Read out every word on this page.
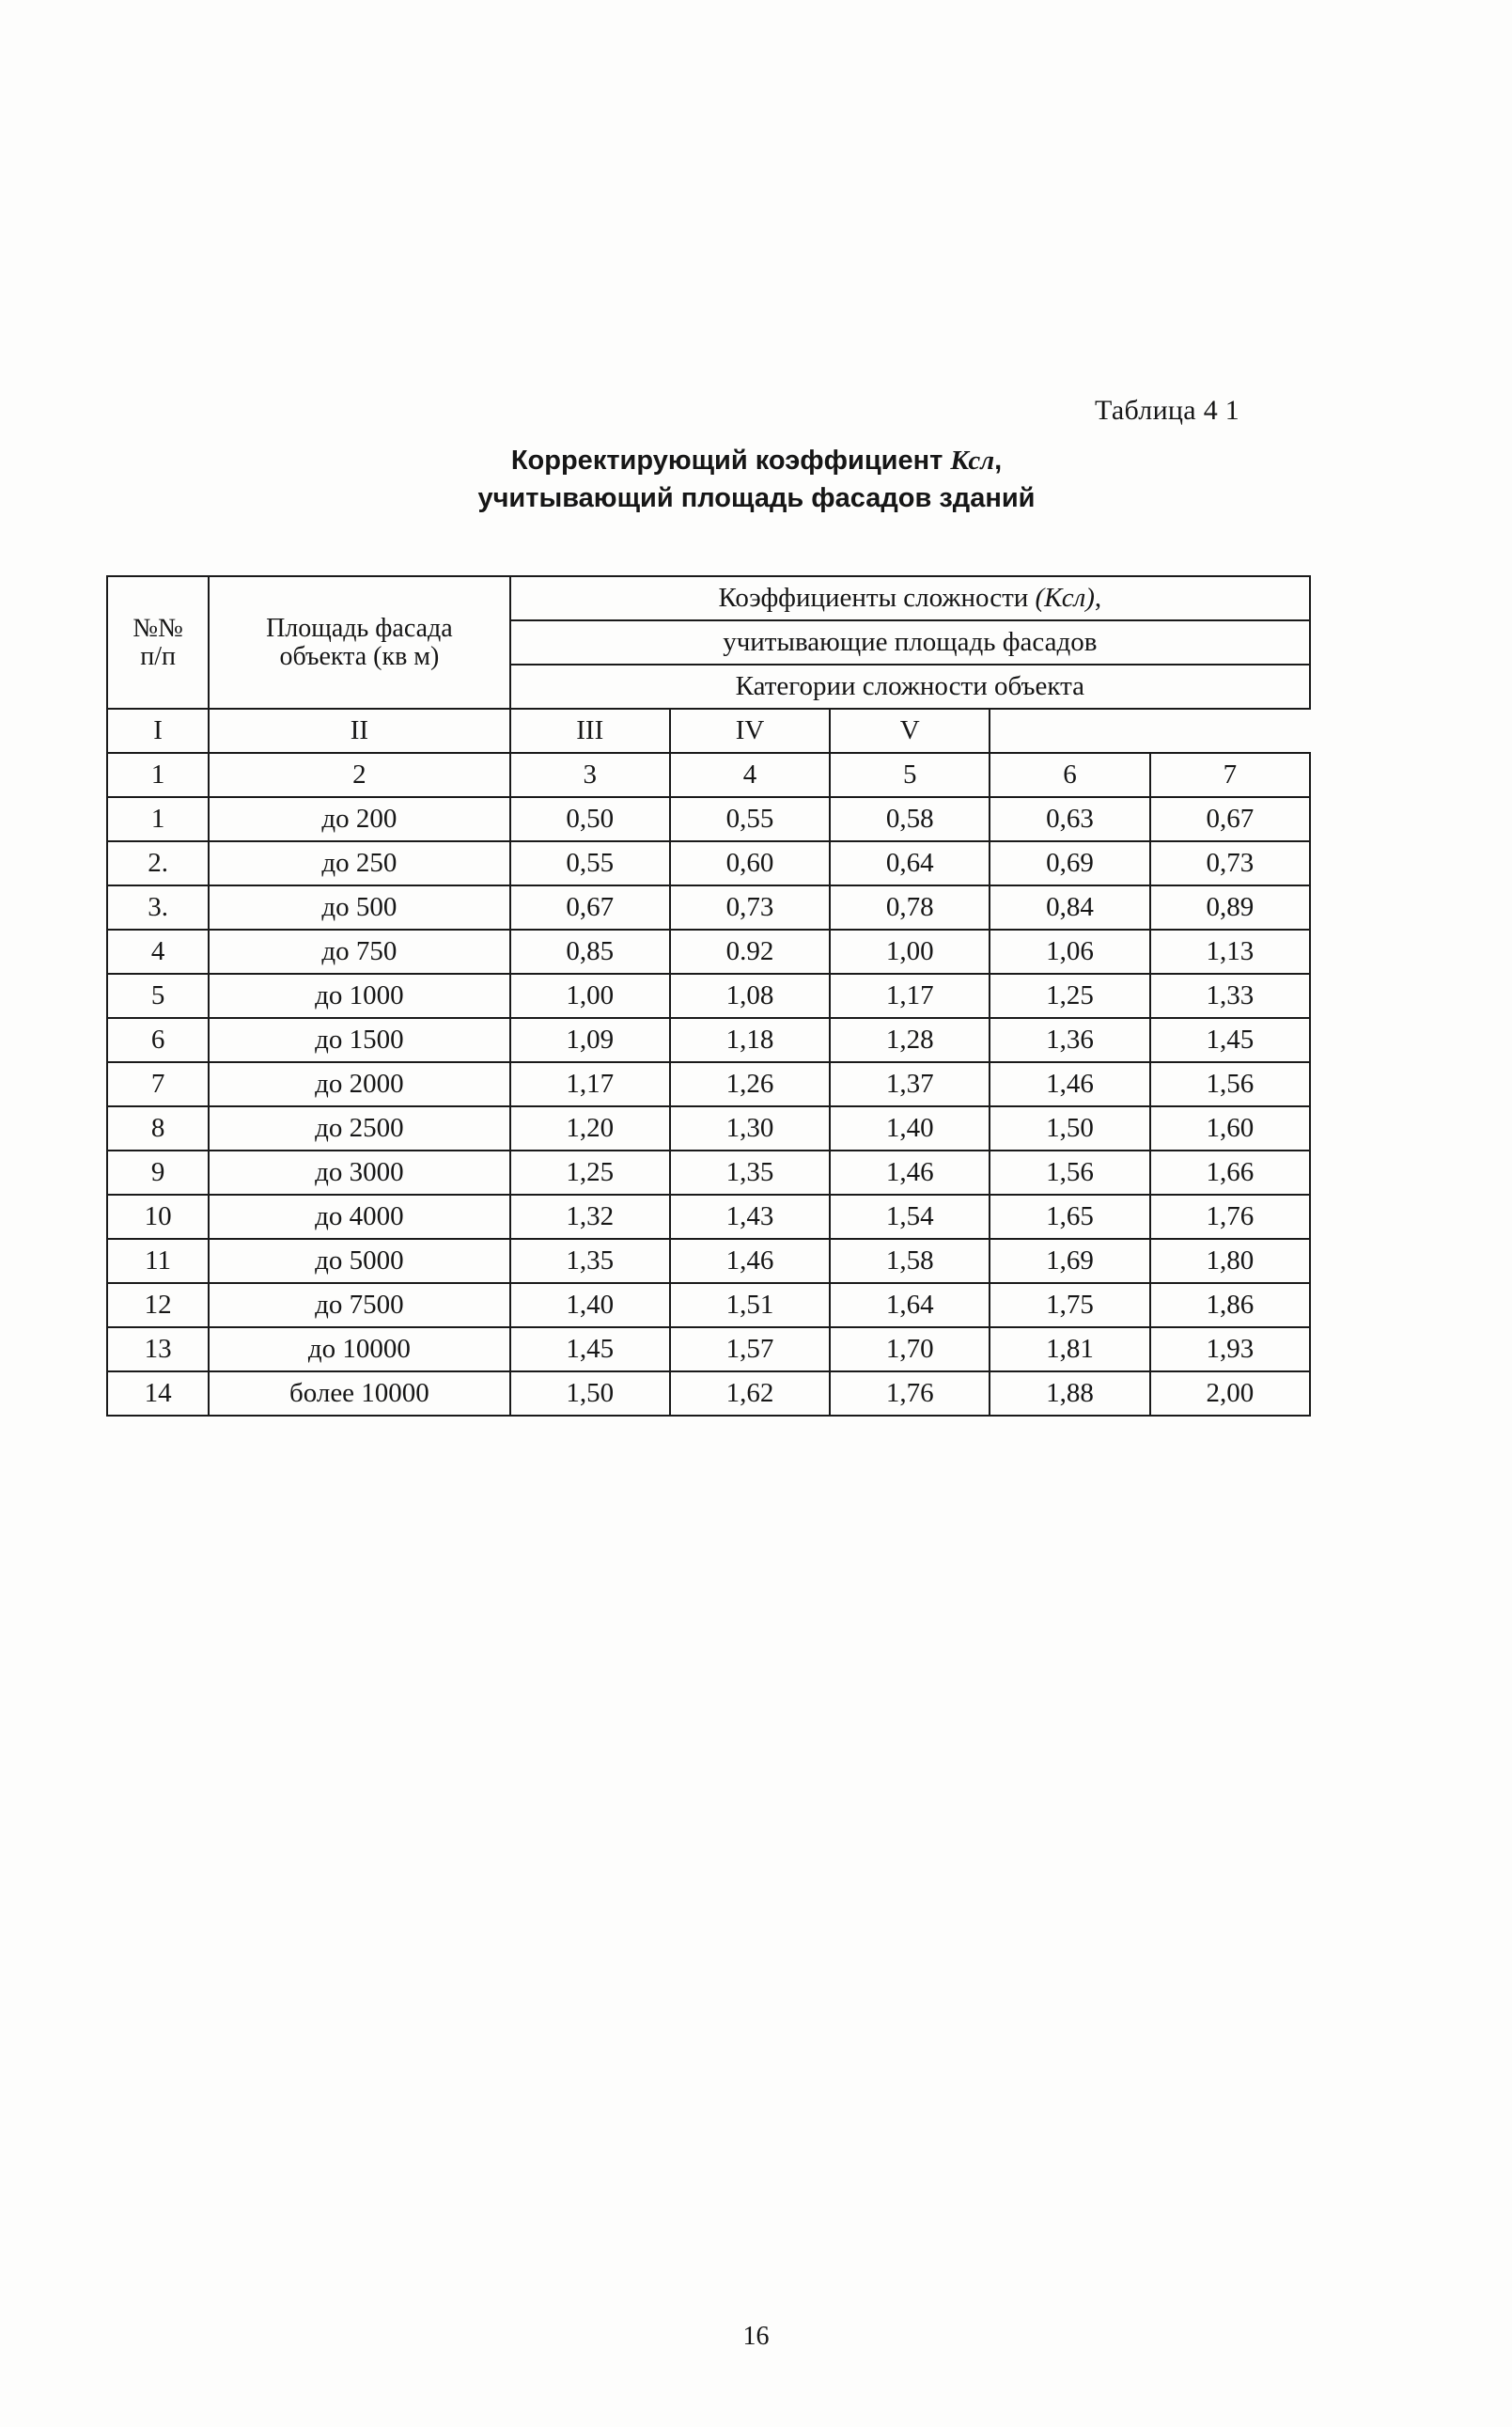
Таблица 4 1
Корректирующий коэффициент Ксл,
учитывающий площадь фасадов зданий
№№
п/п

Площадь фасада
объекта (кв м)
	Коэффициенты сложности (Ксл),
		учитывающие площадь фасадов				
		Категории сложности объекта				
I	II	III	IV	V		
1	2	3	4	5	6	7
1	до 200	0,50	0,55	0,58	0,63	0,67
2.	до 250	0,55	0,60	0,64	0,69	0,73
3.	до 500	0,67	0,73	0,78	0,84	0,89
4	до 750	0,85	0.92	1,00	1,06	1,13
5	до 1000	1,00	1,08	1,17	1,25	1,33
6	до 1500	1,09	1,18	1,28	1,36	1,45
7	до 2000	1,17	1,26	1,37	1,46	1,56
8	до 2500	1,20	1,30	1,40	1,50	1,60
9	до 3000	1,25	1,35	1,46	1,56	1,66
10	до 4000	1,32	1,43	1,54	1,65	1,76
11	до 5000	1,35	1,46	1,58	1,69	1,80
12	до 7500	1,40	1,51	1,64	1,75	1,86
13	до 10000	1,45	1,57	1,70	1,81	1,93
14	более 10000	1,50	1,62	1,76	1,88	2,00
16
